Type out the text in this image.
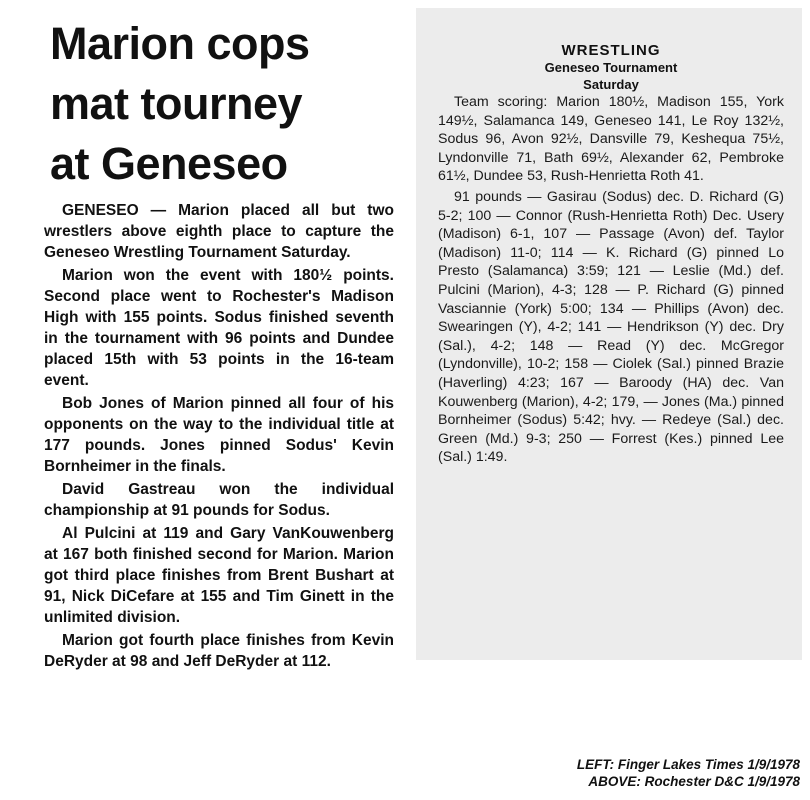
Marion cops
mat tourney
at Geneseo

GENESEO — Marion placed all but two wrestlers above eighth place to capture the Geneseo Wrestling Tournament Saturday.

Marion won the event with 180½ points. Second place went to Rochester's Madison High with 155 points. Sodus finished seventh in the tournament with 96 points and Dundee placed 15th with 53 points in the 16-team event.

Bob Jones of Marion pinned all four of his opponents on the way to the individual title at 177 pounds. Jones pinned Sodus' Kevin Bornheimer in the finals.

David Gastreau won the individual championship at 91 pounds for Sodus.

Al Pulcini at 119 and Gary VanKouwenberg at 167 both finished second for Marion. Marion got third place finishes from Brent Bushart at 91, Nick DiCefare at 155 and Tim Ginett in the unlimited division.

Marion got fourth place finishes from Kevin DeRyder at 98 and Jeff DeRyder at 112.

WRESTLING
Geneseo Tournament
Saturday

Team scoring: Marion 180½, Madison 155, York 149½, Salamanca 149, Geneseo 141, Le Roy 132½, Sodus 96, Avon 92½, Dansville 79, Keshequa 75½, Lyndonville 71, Bath 69½, Alexander 62, Pembroke 61½, Dundee 53, Rush-Henrietta Roth 41.

91 pounds — Gasirau (Sodus) dec. D. Richard (G) 5-2; 100 — Connor (Rush-Henrietta Roth) Dec. Usery (Madison) 6-1, 107 — Passage (Avon) def. Taylor (Madison) 11-0; 114 — K. Richard (G) pinned Lo Presto (Salamanca) 3:59; 121 — Leslie (Md.) def. Pulcini (Marion), 4-3; 128 — P. Richard (G) pinned Vasciannie (York) 5:00; 134 — Phillips (Avon) dec. Swearingen (Y), 4-2; 141 — Hendrikson (Y) dec. Dry (Sal.), 4-2; 148 — Read (Y) dec. McGregor (Lyndonville), 10-2; 158 — Ciolek (Sal.) pinned Brazie (Haverling) 4:23; 167 — Baroody (HA) dec. Van Kouwenberg (Marion), 4-2; 179, — Jones (Ma.) pinned Bornheimer (Sodus) 5:42; hvy. — Redeye (Sal.) dec. Green (Md.) 9-3; 250 — Forrest (Kes.) pinned Lee (Sal.) 1:49.

LEFT: Finger Lakes Times 1/9/1978
ABOVE: Rochester D&C 1/9/1978
